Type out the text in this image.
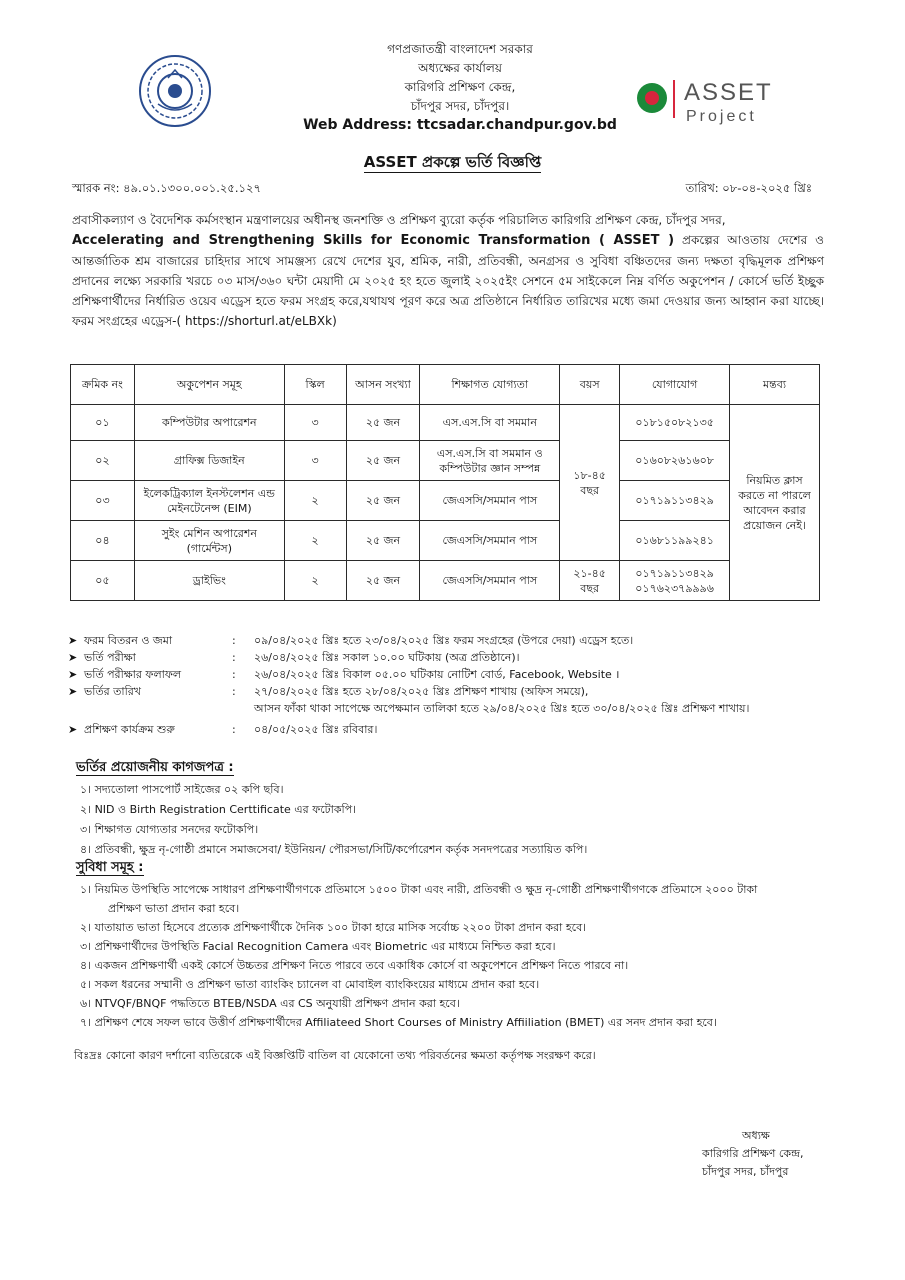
গণপ্রজাতন্ত্রী বাংলাদেশ সরকার
অধ্যক্ষের কার্যালয়
কারিগরি প্রশিক্ষণ কেন্দ্র,
চাঁদপুর সদর, চাঁদপুর।
Web Address: ttcsadar.chandpur.gov.bd
ASSET
Project
ASSET প্রকল্পে ভর্তি বিজ্ঞপ্তি
স্মারক নং: ৪৯.০১.১৩০০.০০১.২৫.১২৭	তারিখ: ০৮-০৪-২০২৫ খ্রিঃ
প্রবাসীকল্যাণ ও বৈদেশিক কর্মসংস্থান মন্ত্রণালয়ের অধীনস্থ জনশক্তি ও প্রশিক্ষণ ব্যুরো কর্তৃক পরিচালিত কারিগরি প্রশিক্ষণ কেন্দ্র, চাঁদপুর সদর,
Accelerating and Strengthening Skills for Economic Transformation ( ASSET ) প্রকল্পের আওতায় দেশের ও আন্তর্জাতিক শ্রম বাজারের চাহিদার সাথে সামঞ্জস্য রেখে দেশের যুব, শ্রমিক, নারী, প্রতিবন্ধী, অনগ্রসর ও সুবিধা বঞ্চিতদের জন্য দক্ষতা বৃদ্ধিমূলক প্রশিক্ষণ প্রদানের লক্ষ্যে সরকারি খরচে ০৩ মাস/৩৬০ ঘন্টা মেয়াদী মে ২০২৫ হং হতে জুলাই ২০২৫ইং সেশনে ৫ম সাইকেলে নিম্ন বর্ণিত অকুপেশন / কোর্সে ভর্তি ইচ্ছুক প্রশিক্ষণার্থীদের নির্ধারিত ওয়েব এড্রেস হতে ফরম সংগ্রহ করে,যথাযথ পূরণ করে অত্র প্রতিষ্ঠানে নির্ধারিত তারিখের মধ্যে জমা দেওয়ার জন্য আহ্বান করা যাচ্ছে। ফরম সংগ্রহের এড্রেস-( https://shorturl.at/eLBXk)
ক্রমিক নং	অকুপেশন সমূহ	স্কিল	আসন সংখ্যা	শিক্ষাগত যোগ্যতা	বয়স	যোগাযোগ	মন্তব্য
০১	কম্পিউটার অপারেশন	৩	২৫ জন	এস.এস.সি বা সমমান	১৮-৪৫ বছর	০১৮১৫০৮২১৩৫	নিয়মিত ক্লাস করতে না পারলে আবেদন করার প্রয়োজন নেই।
০২	গ্রাফিক্স ডিজাইন	৩	২৫ জন	এস.এস.সি বা সমমান ও কম্পিউটার জ্ঞান সম্পন্ন		০১৬০৮২৬১৬০৮	
০৩	ইলেকট্রিক্যাল ইনস্টলেশন এন্ড মেইনটেনেন্স (EIM)	২	২৫ জন	জেএসসি/সমমান পাস		০১৭১৯১১৩৪২৯	
০৪	সুইং মেশিন অপারেশন (গার্মেন্টস)	২	২৫ জন	জেএসসি/সমমান পাস		০১৬৮১১৯৯২৪১	
০৫	ড্রাইভিং	২	২৫ জন	জেএসসি/সমমান পাস	২১-৪৫ বছর	০১৭১৯১১৩৪২৯ ০১৭৬২৩৭৯৯৯৬	
➤ ফরম বিতরন ও জমা	:	০৯/০৪/২০২৫ খ্রিঃ হতে ২৩/০৪/২০২৫ খ্রিঃ ফরম সংগ্রহের (উপরে দেয়া) এড্রেস হতে।
➤ ভর্তি পরীক্ষা	:	২৬/০৪/২০২৫ খ্রিঃ সকাল ১০.০০ ঘটিকায় (অত্র প্রতিষ্ঠানে)।
➤ ভর্তি পরীক্ষার ফলাফল	:	২৬/০৪/২০২৫ খ্রিঃ বিকাল ০৫.০০ ঘটিকায় নোটিশ বোর্ড, Facebook, Website ।
➤ ভর্তির তারিখ	:	২৭/০৪/২০২৫ খ্রিঃ হতে ২৮/০৪/২০২৫ খ্রিঃ প্রশিক্ষণ শাখায় (অফিস সময়ে),
আসন ফাঁকা থাকা সাপেক্ষে অপেক্ষমান তালিকা হতে ২৯/০৪/২০২৫ খ্রিঃ হতে ৩০/০৪/২০২৫ খ্রিঃ প্রশিক্ষণ শাখায়।
➤ প্রশিক্ষণ কার্যক্রম শুরু	:	০৪/০৫/২০২৫ খ্রিঃ রবিবার।
ভর্তির প্রয়োজনীয় কাগজপত্র :
১। সদ্যতোলা পাসপোর্ট সাইজের ০২ কপি ছবি।
২। NID ও Birth Registration Certtificate এর ফটোকপি।
৩। শিক্ষাগত যোগ্যতার সনদের ফটোকপি।
৪। প্রতিবন্ধী, ক্ষুদ্র নৃ-গোষ্ঠী প্রমানে সমাজসেবা/ ইউনিয়ন/ পৌরসভা/সিটি/কর্পোরেশন কর্তৃক সনদপত্রের সত্যায়িত কপি।
সুবিধা সমূহ :
১। নিয়মিত উপস্থিতি সাপেক্ষে সাধারণ প্রশিক্ষণার্থীগণকে প্রতিমাসে ১৫০০ টাকা এবং নারী, প্রতিবন্ধী ও ক্ষুদ্র নৃ-গোষ্ঠী প্রশিক্ষণার্থীগণকে প্রতিমাসে ২০০০ টাকা
প্রশিক্ষণ ভাতা প্রদান করা হবে।
২। যাতায়াত ভাতা হিসেবে প্রত্যেক প্রশিক্ষণার্থীকে দৈনিক ১০০ টাকা হারে মাসিক সর্বোচ্চ ২২০০ টাকা প্রদান করা হবে।
৩। প্রশিক্ষণার্থীদের উপস্থিতি Facial Recognition Camera এবং Biometric এর মাধ্যমে নিশ্চিত করা হবে।
৪। একজন প্রশিক্ষণার্থী একই কোর্সে উচ্চতর প্রশিক্ষণ নিতে পারবে তবে একাধিক কোর্সে বা অকুপেশনে প্রশিক্ষণ নিতে পারবে না।
৫। সকল ধরনের সম্মানী ও প্রশিক্ষণ ভাতা ব্যাংকিং চ্যানেল বা মোবাইল ব্যাংকিংয়ের মাধ্যমে প্রদান করা হবে।
৬। NTVQF/BNQF পদ্ধতিতে BTEB/NSDA এর CS অনুযায়ী প্রশিক্ষণ প্রদান করা হবে।
৭। প্রশিক্ষণ শেষে সফল ভাবে উত্তীর্ণ প্রশিক্ষণার্থীদের Affiliateed Short Courses of Ministry Affiiliation (BMET) এর সনদ প্রদান করা হবে।
বিঃদ্রঃ কোনো কারণ দর্শানো ব্যতিরেকে এই বিজ্ঞপ্তিটি বাতিল বা যেকোনো তথ্য পরিবর্তনের ক্ষমতা কর্তৃপক্ষ সংরক্ষণ করে।
অধ্যক্ষ
কারিগরি প্রশিক্ষণ কেন্দ্র,
চাঁদপুর সদর, চাঁদপুর
